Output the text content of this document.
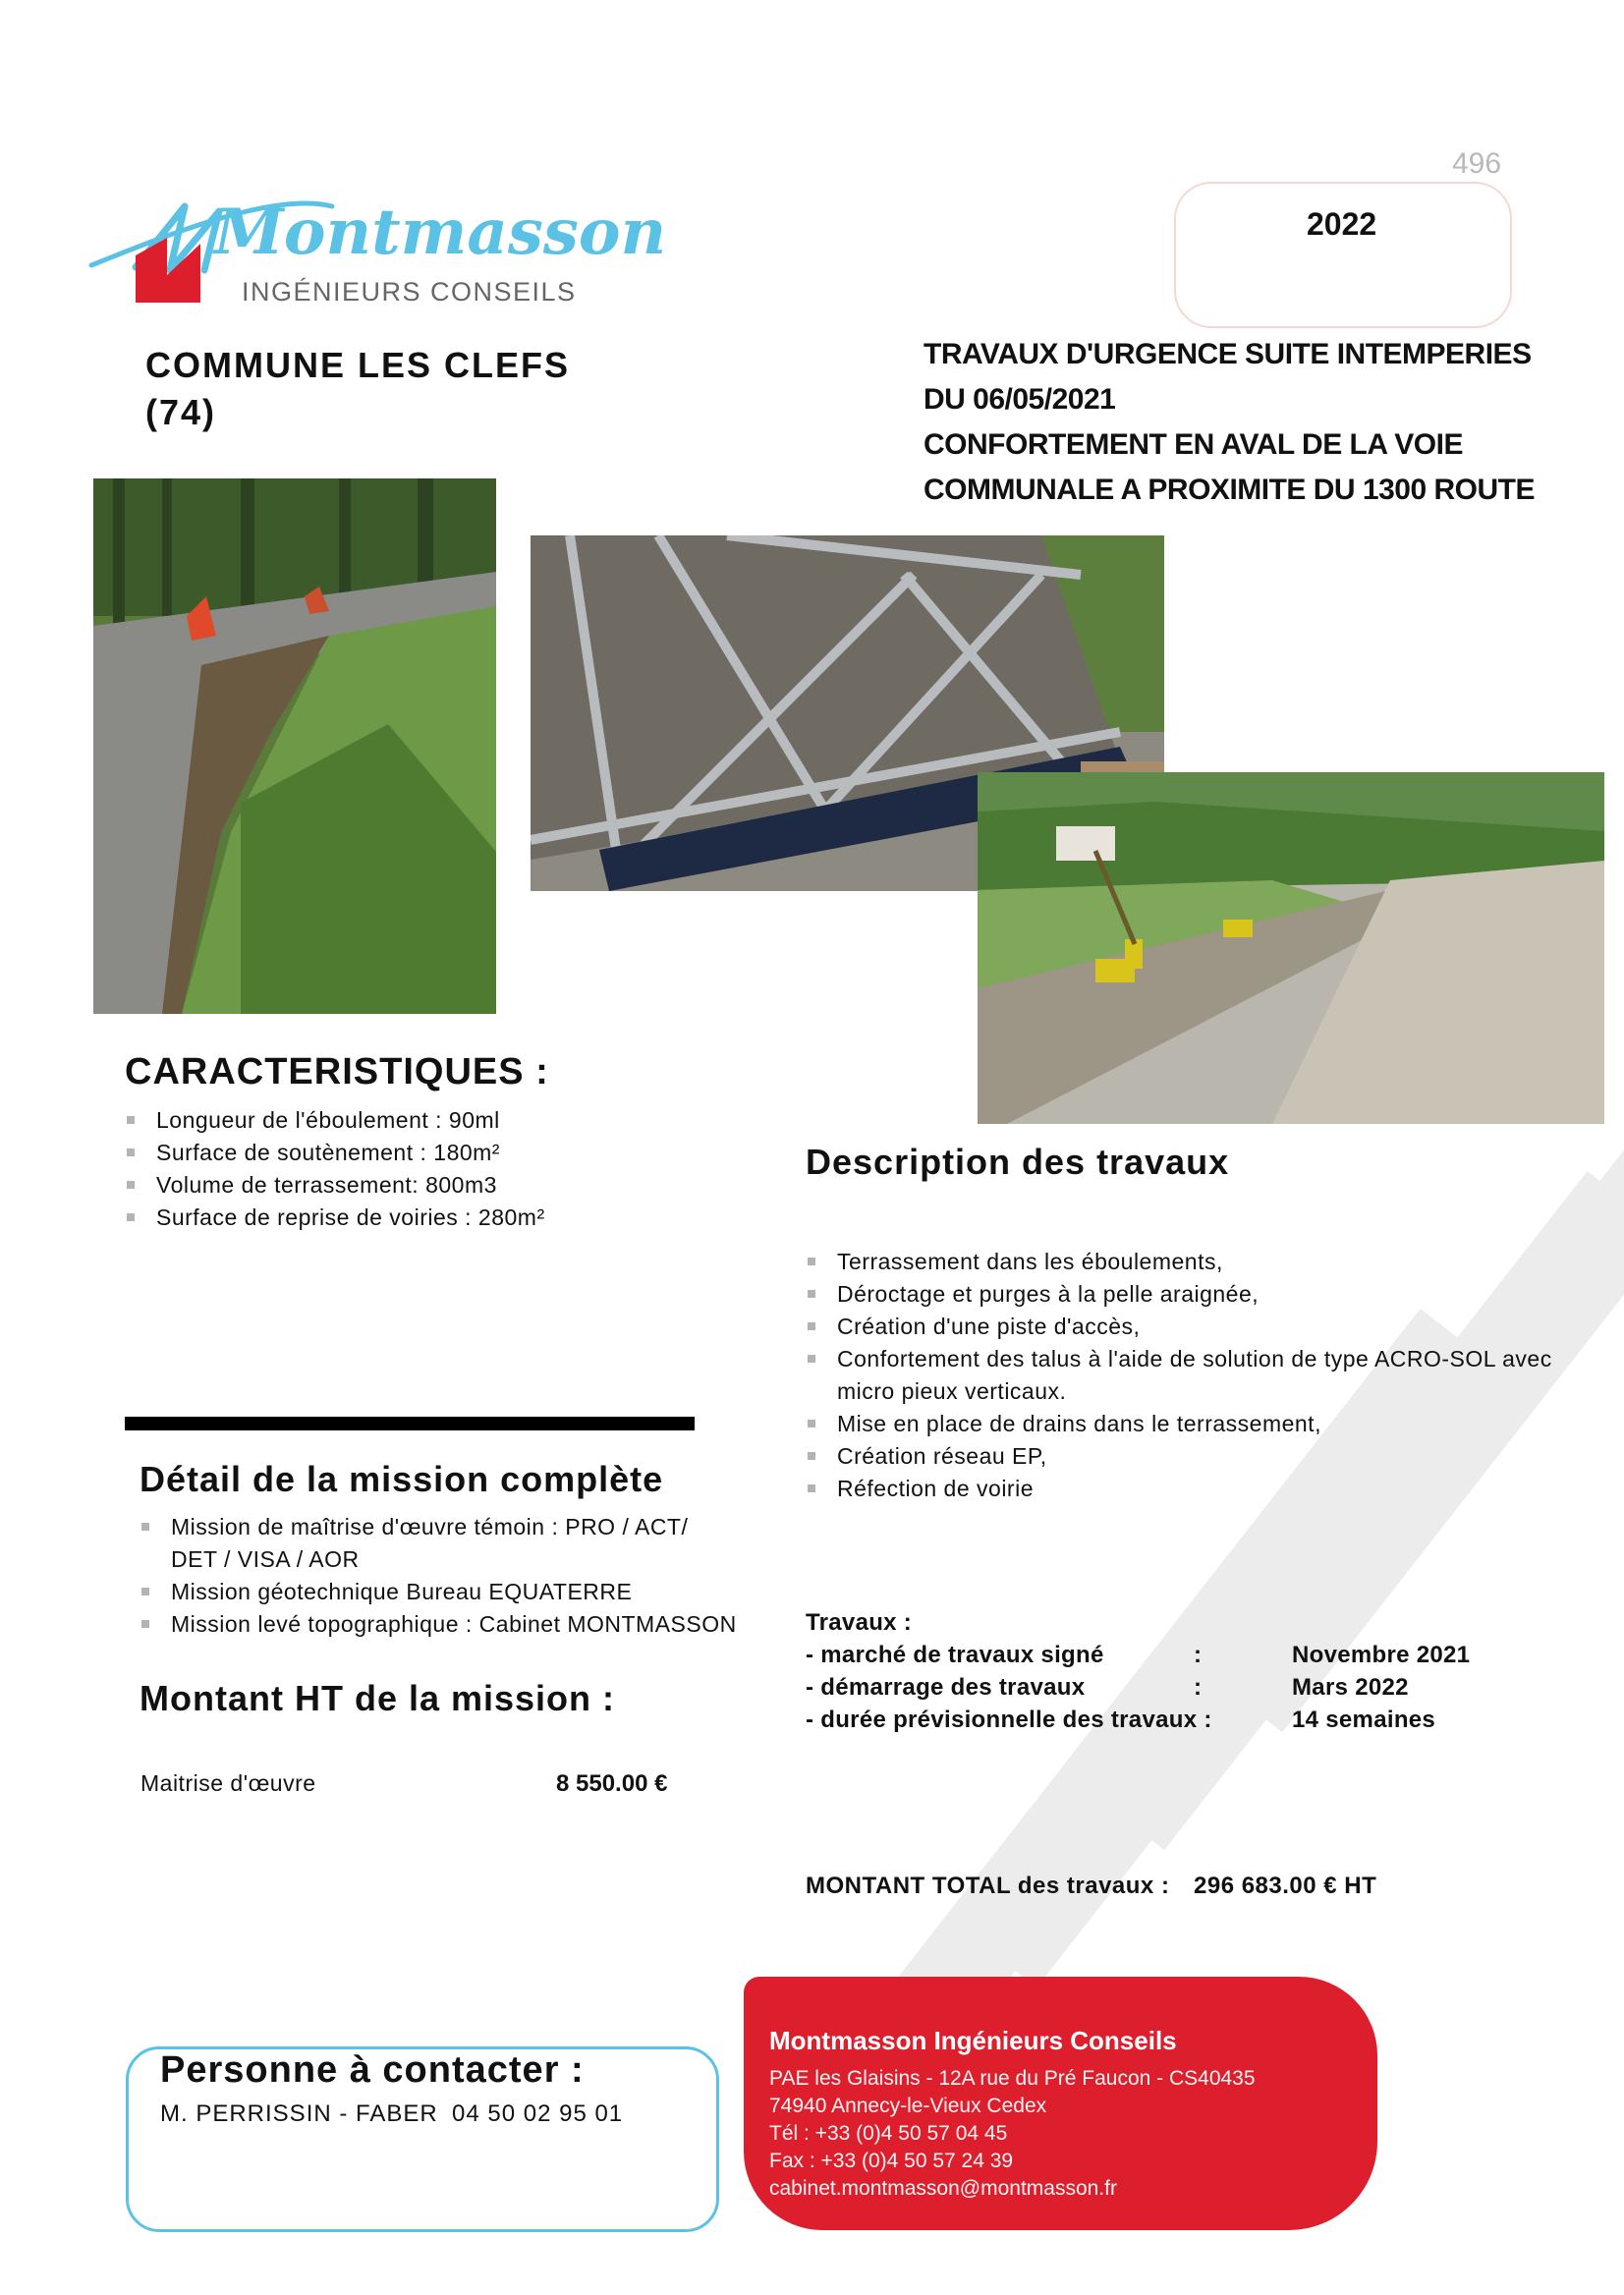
496
2022
Montmasson
INGÉNIEURS CONSEILS
COMMUNE LES CLEFS
(74)
TRAVAUX D'URGENCE SUITE INTEMPERIES
DU 06/05/2021
CONFORTEMENT EN AVAL DE LA VOIE
COMMUNALE A PROXIMITE DU 1300 ROUTE
CARACTERISTIQUES :
Longueur de l'éboulement : 90ml
Surface de soutènement : 180m²
Volume de terrassement: 800m3
Surface de reprise de voiries : 280m²
Description des travaux
Terrassement dans les éboulements,
Déroctage et purges à la pelle araignée,
Création d'une piste d'accès,
Confortement des talus à l'aide de solution de type ACRO-SOL avec micro pieux verticaux.
Mise en place de drains dans le terrassement,
Création réseau EP,
Réfection de voirie
Détail de la mission complète
Mission de maîtrise d'œuvre témoin : PRO / ACT/ DET / VISA / AOR
Mission géotechnique Bureau EQUATERRE
Mission levé topographique : Cabinet MONTMASSON
Montant HT de la mission :
Maitrise d'œuvre	8 550.00 €
Travaux :
- marché de travaux signé	:	Novembre 2021
- démarrage des travaux	:	Mars 2022
- durée prévisionnelle des travaux :	14 semaines
MONTANT TOTAL des travaux : 296 683.00 € HT
Personne à contacter :
M. PERRISSIN - FABER 04 50 02 95 01
Montmasson Ingénieurs Conseils
PAE les Glaisins - 12A rue du Pré Faucon - CS40435
74940 Annecy-le-Vieux Cedex
Tél : +33 (0)4 50 57 04 45
Fax : +33 (0)4 50 57 24 39
cabinet.montmasson@montmasson.fr
